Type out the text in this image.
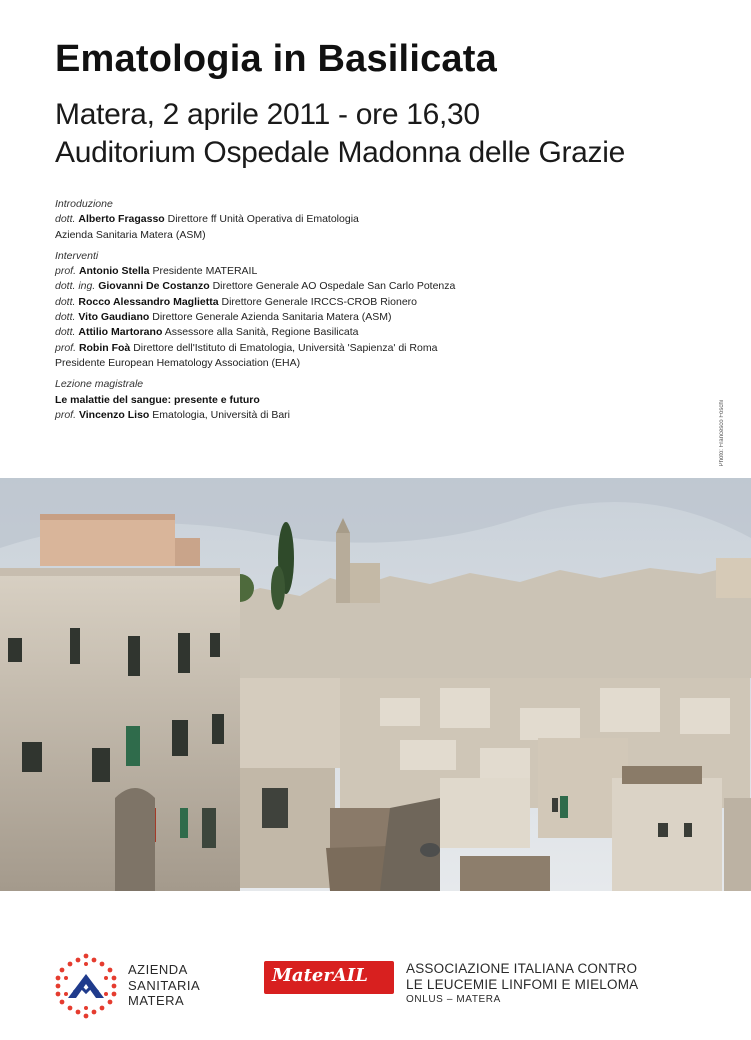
Ematologia in Basilicata
Matera, 2 aprile 2011 - ore 16,30
Auditorium Ospedale Madonna delle Grazie
Introduzione
dott. Alberto Fragasso Direttore ff Unità Operativa di Ematologia
Azienda Sanitaria Matera (ASM)
Interventi
prof. Antonio Stella Presidente MATERAIL
dott. ing. Giovanni De Costanzo Direttore Generale AO Ospedale San Carlo Potenza
dott. Rocco Alessandro Maglietta Direttore Generale IRCCS-CROB Rionero
dott. Vito Gaudiano Direttore Generale Azienda Sanitaria Matera (ASM)
dott. Attilio Martorano Assessore alla Sanità, Regione Basilicata
prof. Robin Foà Direttore dell'Istituto di Ematologia, Università 'Sapienza' di Roma
Presidente European Hematology Association (EHA)
Lezione magistrale
Le malattie del sangue: presente e futuro
prof. Vincenzo Liso Ematologia, Università di Bari	Photo: Francesco Foschi
AZIENDA
SANITARIA
MATERA
MaterAIL	ASSOCIAZIONE ITALIANA CONTRO
LE LEUCEMIE LINFOMI E MIELOMA
ONLUS – MATERA
